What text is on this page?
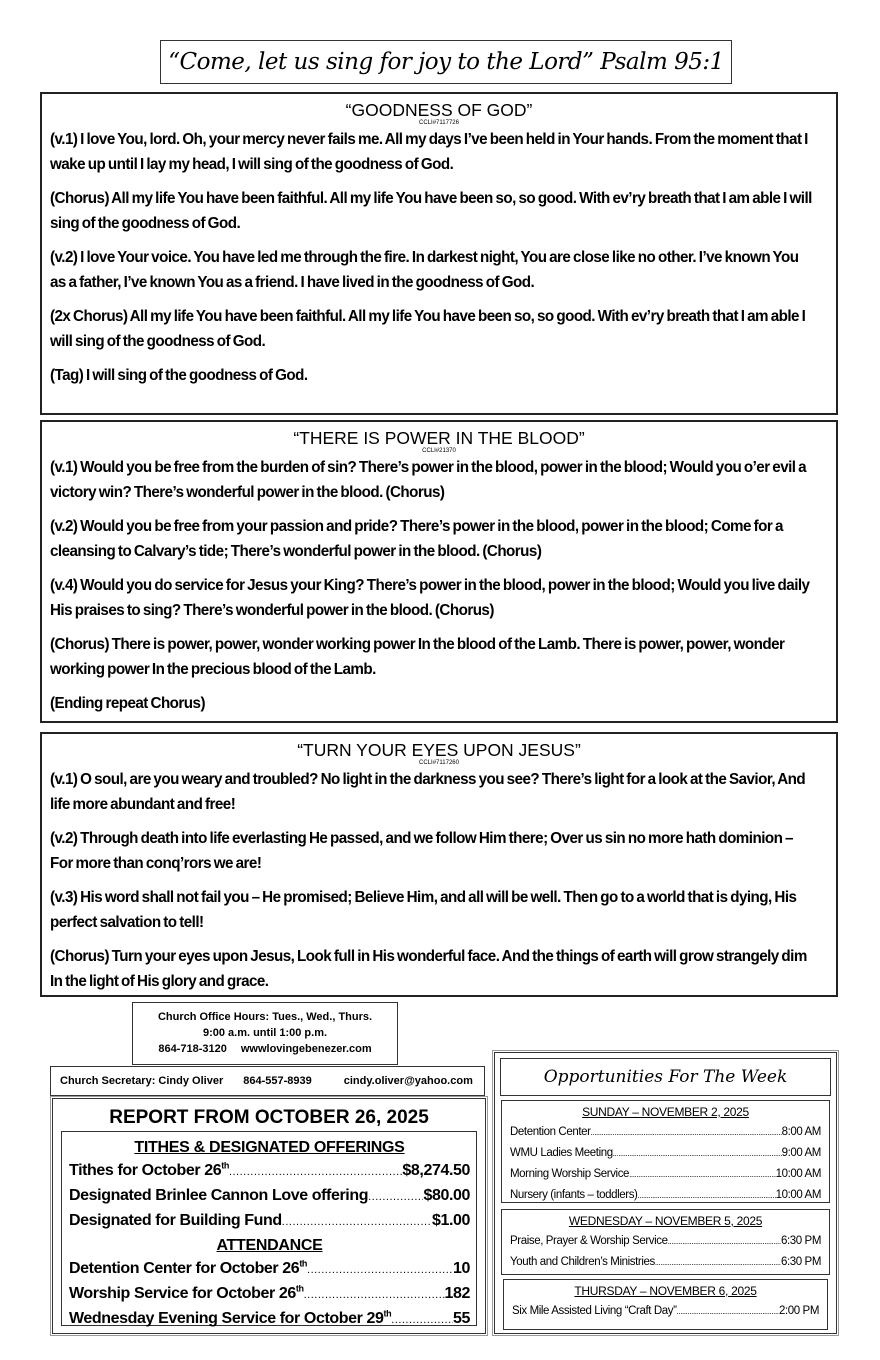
“Come, let us sing for joy to the Lord” Psalm 95:1
“GOODNESS OF GOD”
CCLI#7117726

(v.1) I love You, lord. Oh, your mercy never fails me. All my days I’ve been held in Your hands. From the moment that I wake up until I lay my head, I will sing of the goodness of God.

(Chorus) All my life You have been faithful. All my life You have been so, so good. With ev’ry breath that I am able I will sing of the goodness of God.

(v.2) I love Your voice. You have led me through the fire. In darkest night, You are close like no other. I’ve known You as a father, I’ve known You as a friend. I have lived in the goodness of God.

(2x Chorus) All my life You have been faithful. All my life You have been so, so good. With ev’ry breath that I am able I will sing of the goodness of God.

(Tag) I will sing of the goodness of God.

“THERE IS POWER IN THE BLOOD”
CCLI#21370

(v.1) Would you be free from the burden of sin? There’s power in the blood, power in the blood; Would you o’er evil a victory win? There’s wonderful power in the blood. (Chorus)

(v.2) Would you be free from your passion and pride? There’s power in the blood, power in the blood; Come for a cleansing to Calvary’s tide; There’s wonderful power in the blood. (Chorus)

(v.4) Would you do service for Jesus your King? There’s power in the blood, power in the blood; Would you live daily His praises to sing? There’s wonderful power in the blood. (Chorus)

(Chorus) There is power, power, wonder working power In the blood of the Lamb. There is power, power, wonder working power In the precious blood of the Lamb.

(Ending repeat Chorus)

“TURN YOUR EYES UPON JESUS”
CCLI#7117260

(v.1) O soul, are you weary and troubled? No light in the darkness you see? There’s light for a look at the Savior, And life more abundant and free!

(v.2) Through death into life everlasting He passed, and we follow Him there; Over us sin no more hath dominion – For more than conq’rors we are!

(v.3) His word shall not fail you – He promised; Believe Him, and all will be well. Then go to a world that is dying, His perfect salvation to tell!

(Chorus) Turn your eyes upon Jesus, Look full in His wonderful face. And the things of earth will grow strangely dim In the light of His glory and grace.

Church Office Hours: Tues., Wed., Thurs.
9:00 a.m. until 1:00 p.m.
864-718-3120 wwwlovingebenezer.com
Church Secretary: Cindy Oliver 864-557-8939	cindy.oliver@yahoo.com
REPORT FROM OCTOBER 26, 2025
TITHES & DESIGNATED OFFERINGS
Tithes for October 26th .....	$8,274.50
Designated Brinlee Cannon Love offering .....	$80.00
Designated for Building Fund .....	$1.00
ATTENDANCE
Detention Center for October 26th .....	10
Worship Service for October 26th .....	182
Wednesday Evening Service for October 29th .....	55
Opportunities For The Week
SUNDAY – NOVEMBER 2, 2025
Detention Center .....	8:00 AM
WMU Ladies Meeting .....	9:00 AM
Morning Worship Service .....	10:00 AM
Nursery (infants – toddlers) .....	10:00 AM
WEDNESDAY – NOVEMBER 5, 2025
Praise, Prayer & Worship Service .....	6:30 PM
Youth and Children’s Ministries .....	6:30 PM
THURSDAY – NOVEMBER 6, 2025
Six Mile Assisted Living “Craft Day” .....	2:00 PM
